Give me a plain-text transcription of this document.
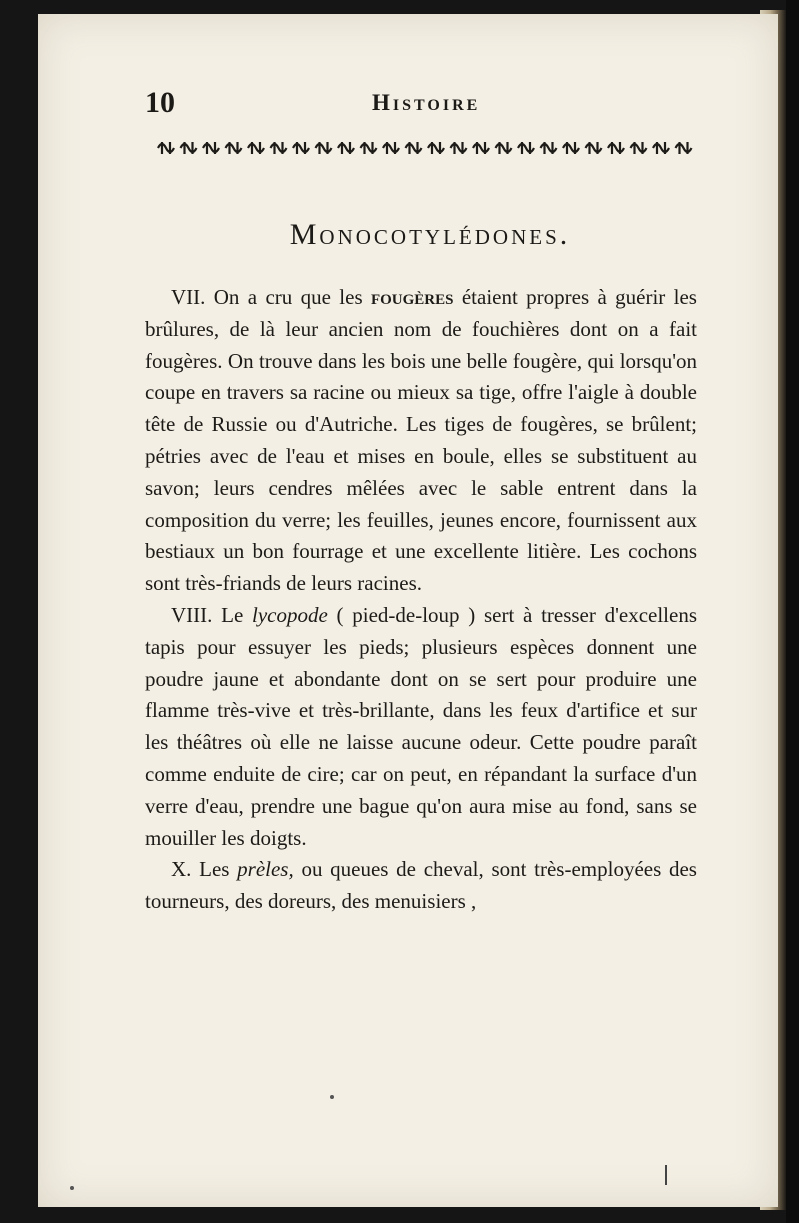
10	Histoire
Monocotylédones.

VII. On a cru que les fougères étaient propres à guérir les brûlures, de là leur ancien nom de fouchières dont on a fait fougères. On trouve dans les bois une belle fougère, qui lorsqu'on coupe en travers sa racine ou mieux sa tige, offre l'aigle à double tête de Russie ou d'Autriche. Les tiges de fougères, se brûlent; pétries avec de l'eau et mises en boule, elles se substituent au savon; leurs cendres mêlées avec le sable entrent dans la composition du verre; les feuilles, jeunes encore, fournissent aux bestiaux un bon fourrage et une excellente litière. Les cochons sont très-friands de leurs racines.

VIII. Le lycopode ( pied-de-loup ) sert à tresser d'excellens tapis pour essuyer les pieds; plusieurs espèces donnent une poudre jaune et abondante dont on se sert pour produire une flamme très-vive et très-brillante, dans les feux d'artifice et sur les théâtres où elle ne laisse aucune odeur. Cette poudre paraît comme enduite de cire; car on peut, en répandant la surface d'un verre d'eau, prendre une bague qu'on aura mise au fond, sans se mouiller les doigts.

X. Les prèles, ou queues de cheval, sont très-employées des tourneurs, des doreurs, des menuisiers ,
